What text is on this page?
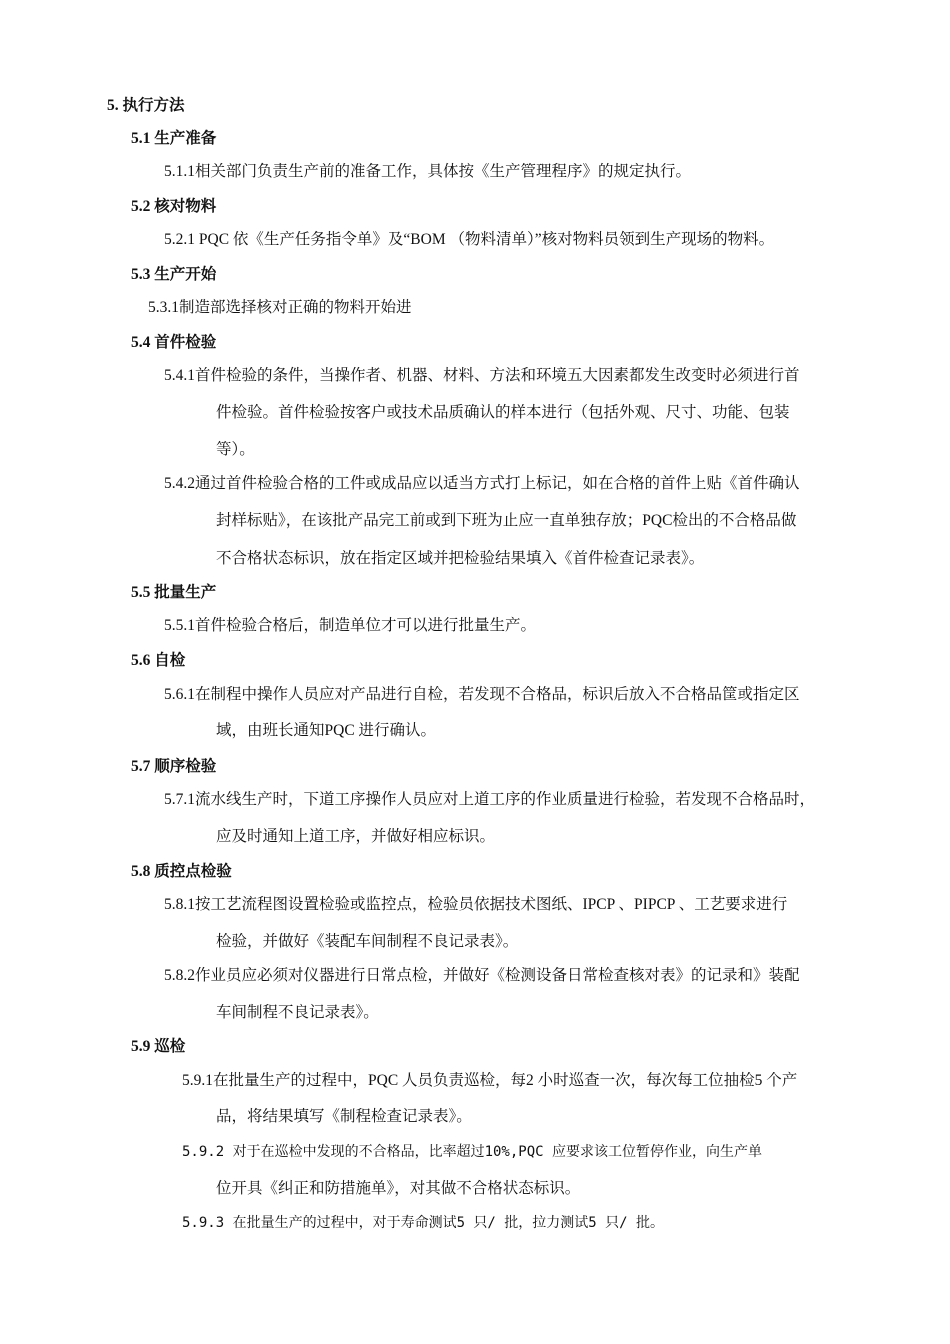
5. 执行方法
5.1 生产准备
5.1.1相关部门负责生产前的准备工作，具体按《生产管理程序》的规定执行。
5.2 核对物料
5.2.1 PQC 依《生产任务指令单》及“BOM （物料清单）”核对物料员领到生产现场的物料。
5.3 生产开始
5.3.1制造部选择核对正确的物料开始进
5.4 首件检验
5.4.1首件检验的条件，当操作者、机器、材料、方法和环境五大因素都发生改变时必须进行首
件检验。首件检验按客户或技术品质确认的样本进行（包括外观、尺寸、功能、包装
等）。
5.4.2通过首件检验合格的工件或成品应以适当方式打上标记，如在合格的首件上贴《首件确认
封样标贴》，在该批产品完工前或到下班为止应一直单独存放；PQC检出的不合格品做
不合格状态标识，放在指定区域并把检验结果填入《首件检查记录表》。
5.5 批量生产
5.5.1首件检验合格后，制造单位才可以进行批量生产。
5.6 自检
5.6.1在制程中操作人员应对产品进行自检，若发现不合格品，标识后放入不合格品筐或指定区
域，由班长通知PQC 进行确认。
5.7 顺序检验
5.7.1流水线生产时，下道工序操作人员应对上道工序的作业质量进行检验，若发现不合格品时，
应及时通知上道工序，并做好相应标识。
5.8 质控点检验
5.8.1按工艺流程图设置检验或监控点，检验员依据技术图纸、IPCP 、PIPCP 、工艺要求进行
检验，并做好《装配车间制程不良记录表》。
5.8.2作业员应必须对仪器进行日常点检，并做好《检测设备日常检查核对表》的记录和》装配
车间制程不良记录表》。
5.9 巡检
5.9.1在批量生产的过程中，PQC 人员负责巡检，每2 小时巡查一次，每次每工位抽检5 个产
品，将结果填写《制程检查记录表》。
5.9.2 对于在巡检中发现的不合格品，比率超过10%,PQC 应要求该工位暂停作业，向生产单
位开具《纠正和防措施单》，对其做不合格状态标识。
5.9.3 在批量生产的过程中，对于寿命测试5 只/ 批，拉力测试5 只/ 批。
